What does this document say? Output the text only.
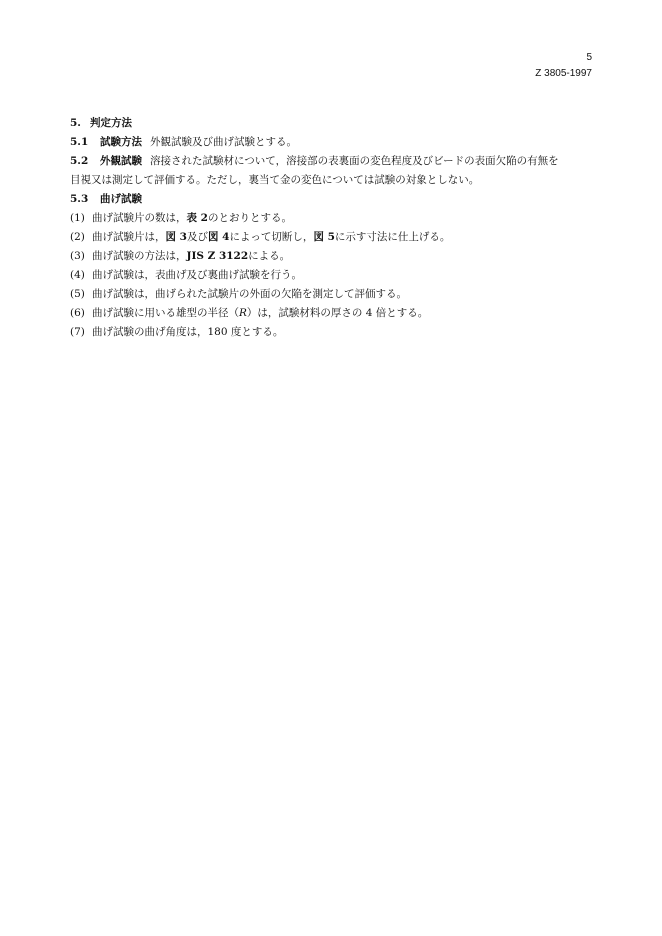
5
Z 3805-1997
5. 判定方法
5.1 試験方法 外観試験及び曲げ試験とする。
5.2 外観試験 溶接された試験材について，溶接部の表裏面の変色程度及びビードの表面欠陥の有無を
目視又は測定して評価する。ただし，裏当て金の変色については試験の対象としない。
5.3 曲げ試験
(1) 曲げ試験片の数は，表 2のとおりとする。
(2) 曲げ試験片は，図 3及び図 4によって切断し，図 5に示す寸法に仕上げる。
(3) 曲げ試験の方法は，JIS Z 3122による。
(4) 曲げ試験は，表曲げ及び裏曲げ試験を行う。
(5) 曲げ試験は，曲げられた試験片の外面の欠陥を測定して評価する。
(6) 曲げ試験に用いる雄型の半径（R）は，試験材料の厚さの 4 倍とする。
(7) 曲げ試験の曲げ角度は，180 度とする。
